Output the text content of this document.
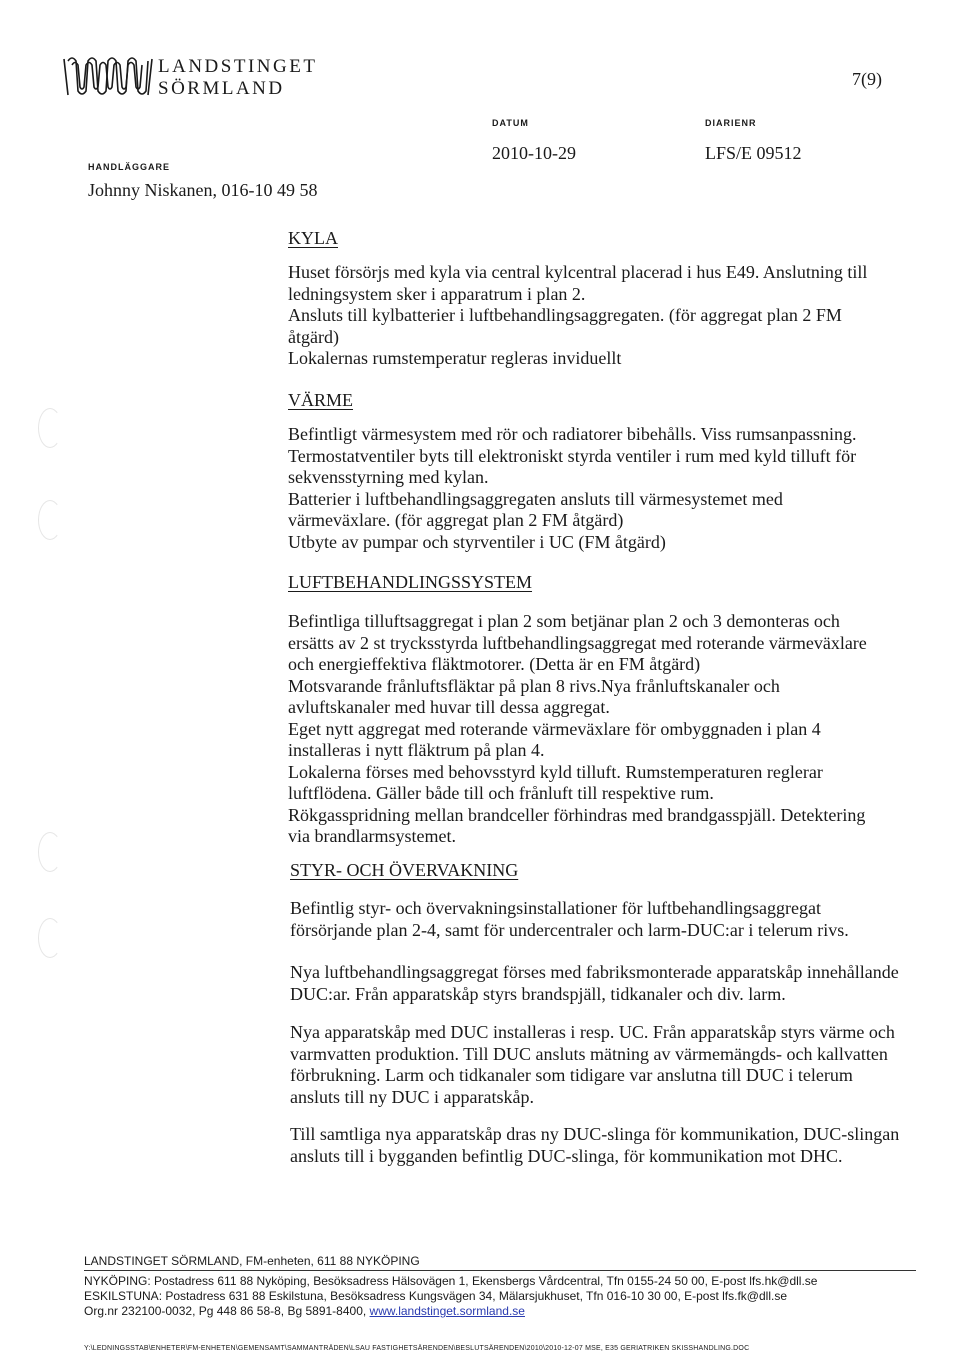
LANDSTINGET
SÖRMLAND	7(9)
DATUM
2010-10-29
DIARIENR
LFS/E 09512
HANDLÄGGARE
Johnny Niskanen, 016-10 49 58
KYLA
Huset försörjs med kyla via central kylcentral placerad i hus E49. Anslutning till
ledningsystem sker i apparatrum i plan 2.
Ansluts till kylbatterier i luftbehandlingsaggregaten. (för aggregat plan 2 FM
åtgärd)
Lokalernas rumstemperatur regleras inviduellt
VÄRME
Befintligt värmesystem med rör och radiatorer bibehålls. Viss rumsanpassning.
Termostatventiler byts till elektroniskt styrda ventiler i rum med kyld tilluft för
sekvensstyrning med kylan.
Batterier i luftbehandlingsaggregaten ansluts till värmesystemet med
värmeväxlare. (för aggregat plan 2 FM åtgärd)
Utbyte av pumpar och styrventiler i UC (FM åtgärd)
LUFTBEHANDLINGSSYSTEM
Befintliga tilluftsaggregat i plan 2 som betjänar plan 2 och 3 demonteras och
ersätts av 2 st trycksstyrda luftbehandlingsaggregat med roterande värmeväxlare
och energieffektiva fläktmotorer. (Detta är en FM åtgärd)
Motsvarande frånluftsfläktar på plan 8 rivs.Nya frånluftskanaler och
avluftskanaler med huvar till dessa aggregat.
Eget nytt aggregat med roterande värmeväxlare för ombyggnaden i plan 4
installeras i nytt fläktrum på plan 4.
Lokalerna förses med behovsstyrd kyld tilluft. Rumstemperaturen reglerar
luftflödena. Gäller både till och frånluft till respektive rum.
Rökgasspridning mellan brandceller förhindras med brandgasspjäll. Detektering
via brandlarmsystemet.
STYR- OCH ÖVERVAKNING
Befintlig styr- och övervakningsinstallationer för luftbehandlingsaggregat
försörjande plan 2-4, samt för undercentraler och larm-DUC:ar i telerum rivs.
Nya luftbehandlingsaggregat förses med fabriksmonterade apparatskåp innehållande
DUC:ar. Från apparatskåp styrs brandspjäll, tidkanaler och div. larm.
Nya apparatskåp med DUC installeras i resp. UC. Från apparatskåp styrs värme och
varmvatten produktion. Till DUC ansluts mätning av värmemängds- och kallvatten
förbrukning. Larm och tidkanaler som tidigare var anslutna till DUC i telerum
ansluts till ny DUC i apparatskåp.
Till samtliga nya apparatskåp dras ny DUC-slinga för kommunikation, DUC-slingan
ansluts till i bygganden befintlig DUC-slinga, för kommunikation mot DHC.
LANDSTINGET SÖRMLAND, FM-enheten, 611 88 NYKÖPING
NYKÖPING: Postadress 611 88 Nyköping, Besöksadress Hälsovägen 1, Ekensbergs Vårdcentral, Tfn 0155-24 50 00, E-post lfs.hk@dll.se
ESKILSTUNA: Postadress 631 88 Eskilstuna, Besöksadress Kungsvägen 34, Mälarsjukhuset, Tfn 016-10 30 00, E-post lfs.fk@dll.se
Org.nr 232100-0032, Pg 448 86 58-8, Bg 5891-8400, www.landstinget.sormland.se
Y:\LEDNINGSSTAB\ENHETER\FM-ENHETEN\GEMENSAMT\SAMMANTRÄDEN\LSAU FASTIGHETSÄRENDEN\BESLUTSÄRENDEN\2010\2010-12-07 MSE, E35 GERIATRIKEN SKISSHANDLING.DOC
